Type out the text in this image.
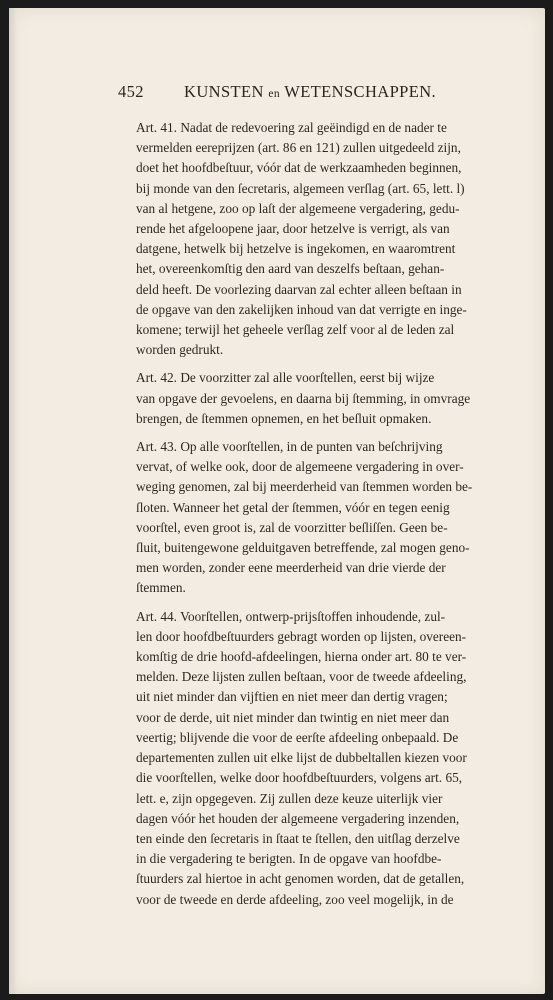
452 KUNSTEN en WETENSCHAPPEN.
Art. 41. Nadat de redevoering zal geëindigd en de nader te
vermelden eereprijzen (art. 86 en 121) zullen uitgedeeld zijn,
doet het hoofdbeſtuur, vóór dat de werkzaamheden beginnen,
bij monde van den ſecretaris, algemeen verſlag (art. 65, lett. l)
van al hetgene, zoo op laſt der algemeene vergadering, gedu-
rende het afgeloopene jaar, door hetzelve is verrigt, als van
datgene, hetwelk bij hetzelve is ingekomen, en waaromtrent
het, overeenkomſtig den aard van deszelfs beſtaan, gehan-
deld heeft. De voorlezing daarvan zal echter alleen beſtaan in
de opgave van den zakelijken inhoud van dat verrigte en inge-
komene; terwijl het geheele verſlag zelf voor al de leden zal
worden gedrukt.
Art. 42. De voorzitter zal alle voorſtellen, eerst bij wijze
van opgave der gevoelens, en daarna bij ſtemming, in omvrage
brengen, de ſtemmen opnemen, en het beſluit opmaken.
Art. 43. Op alle voorſtellen, in de punten van beſchrijving
vervat, of welke ook, door de algemeene vergadering in over-
weging genomen, zal bij meerderheid van ſtemmen worden be-
ſloten. Wanneer het getal der ſtemmen, vóór en tegen eenig
voorſtel, even groot is, zal de voorzitter beſliſſen. Geen be-
ſluit, buitengewone gelduitgaven betreffende, zal mogen geno-
men worden, zonder eene meerderheid van drie vierde der
ſtemmen.
Art. 44. Voorſtellen, ontwerp-prijsſtoffen inhoudende, zul-
len door hoofdbeſtuurders gebragt worden op lijsten, overeen-
komſtig de drie hoofd-afdeelingen, hierna onder art. 80 te ver-
melden. Deze lijsten zullen beſtaan, voor de tweede afdeeling,
uit niet minder dan vijftien en niet meer dan dertig vragen;
voor de derde, uit niet minder dan twintig en niet meer dan
veertig; blijvende die voor de eerſte afdeeling onbepaald. De
departementen zullen uit elke lijst de dubbeltallen kiezen voor
die voorſtellen, welke door hoofdbeſtuurders, volgens art. 65,
lett. e, zijn opgegeven. Zij zullen deze keuze uiterlijk vier
dagen vóór het houden der algemeene vergadering inzenden,
ten einde den ſecretaris in ſtaat te ſtellen, den uitſlag derzelve
in die vergadering te berigten. In de opgave van hoofdbe-
ſtuurders zal hiertoe in acht genomen worden, dat de getallen,
voor de tweede en derde afdeeling, zoo veel mogelijk, in de
